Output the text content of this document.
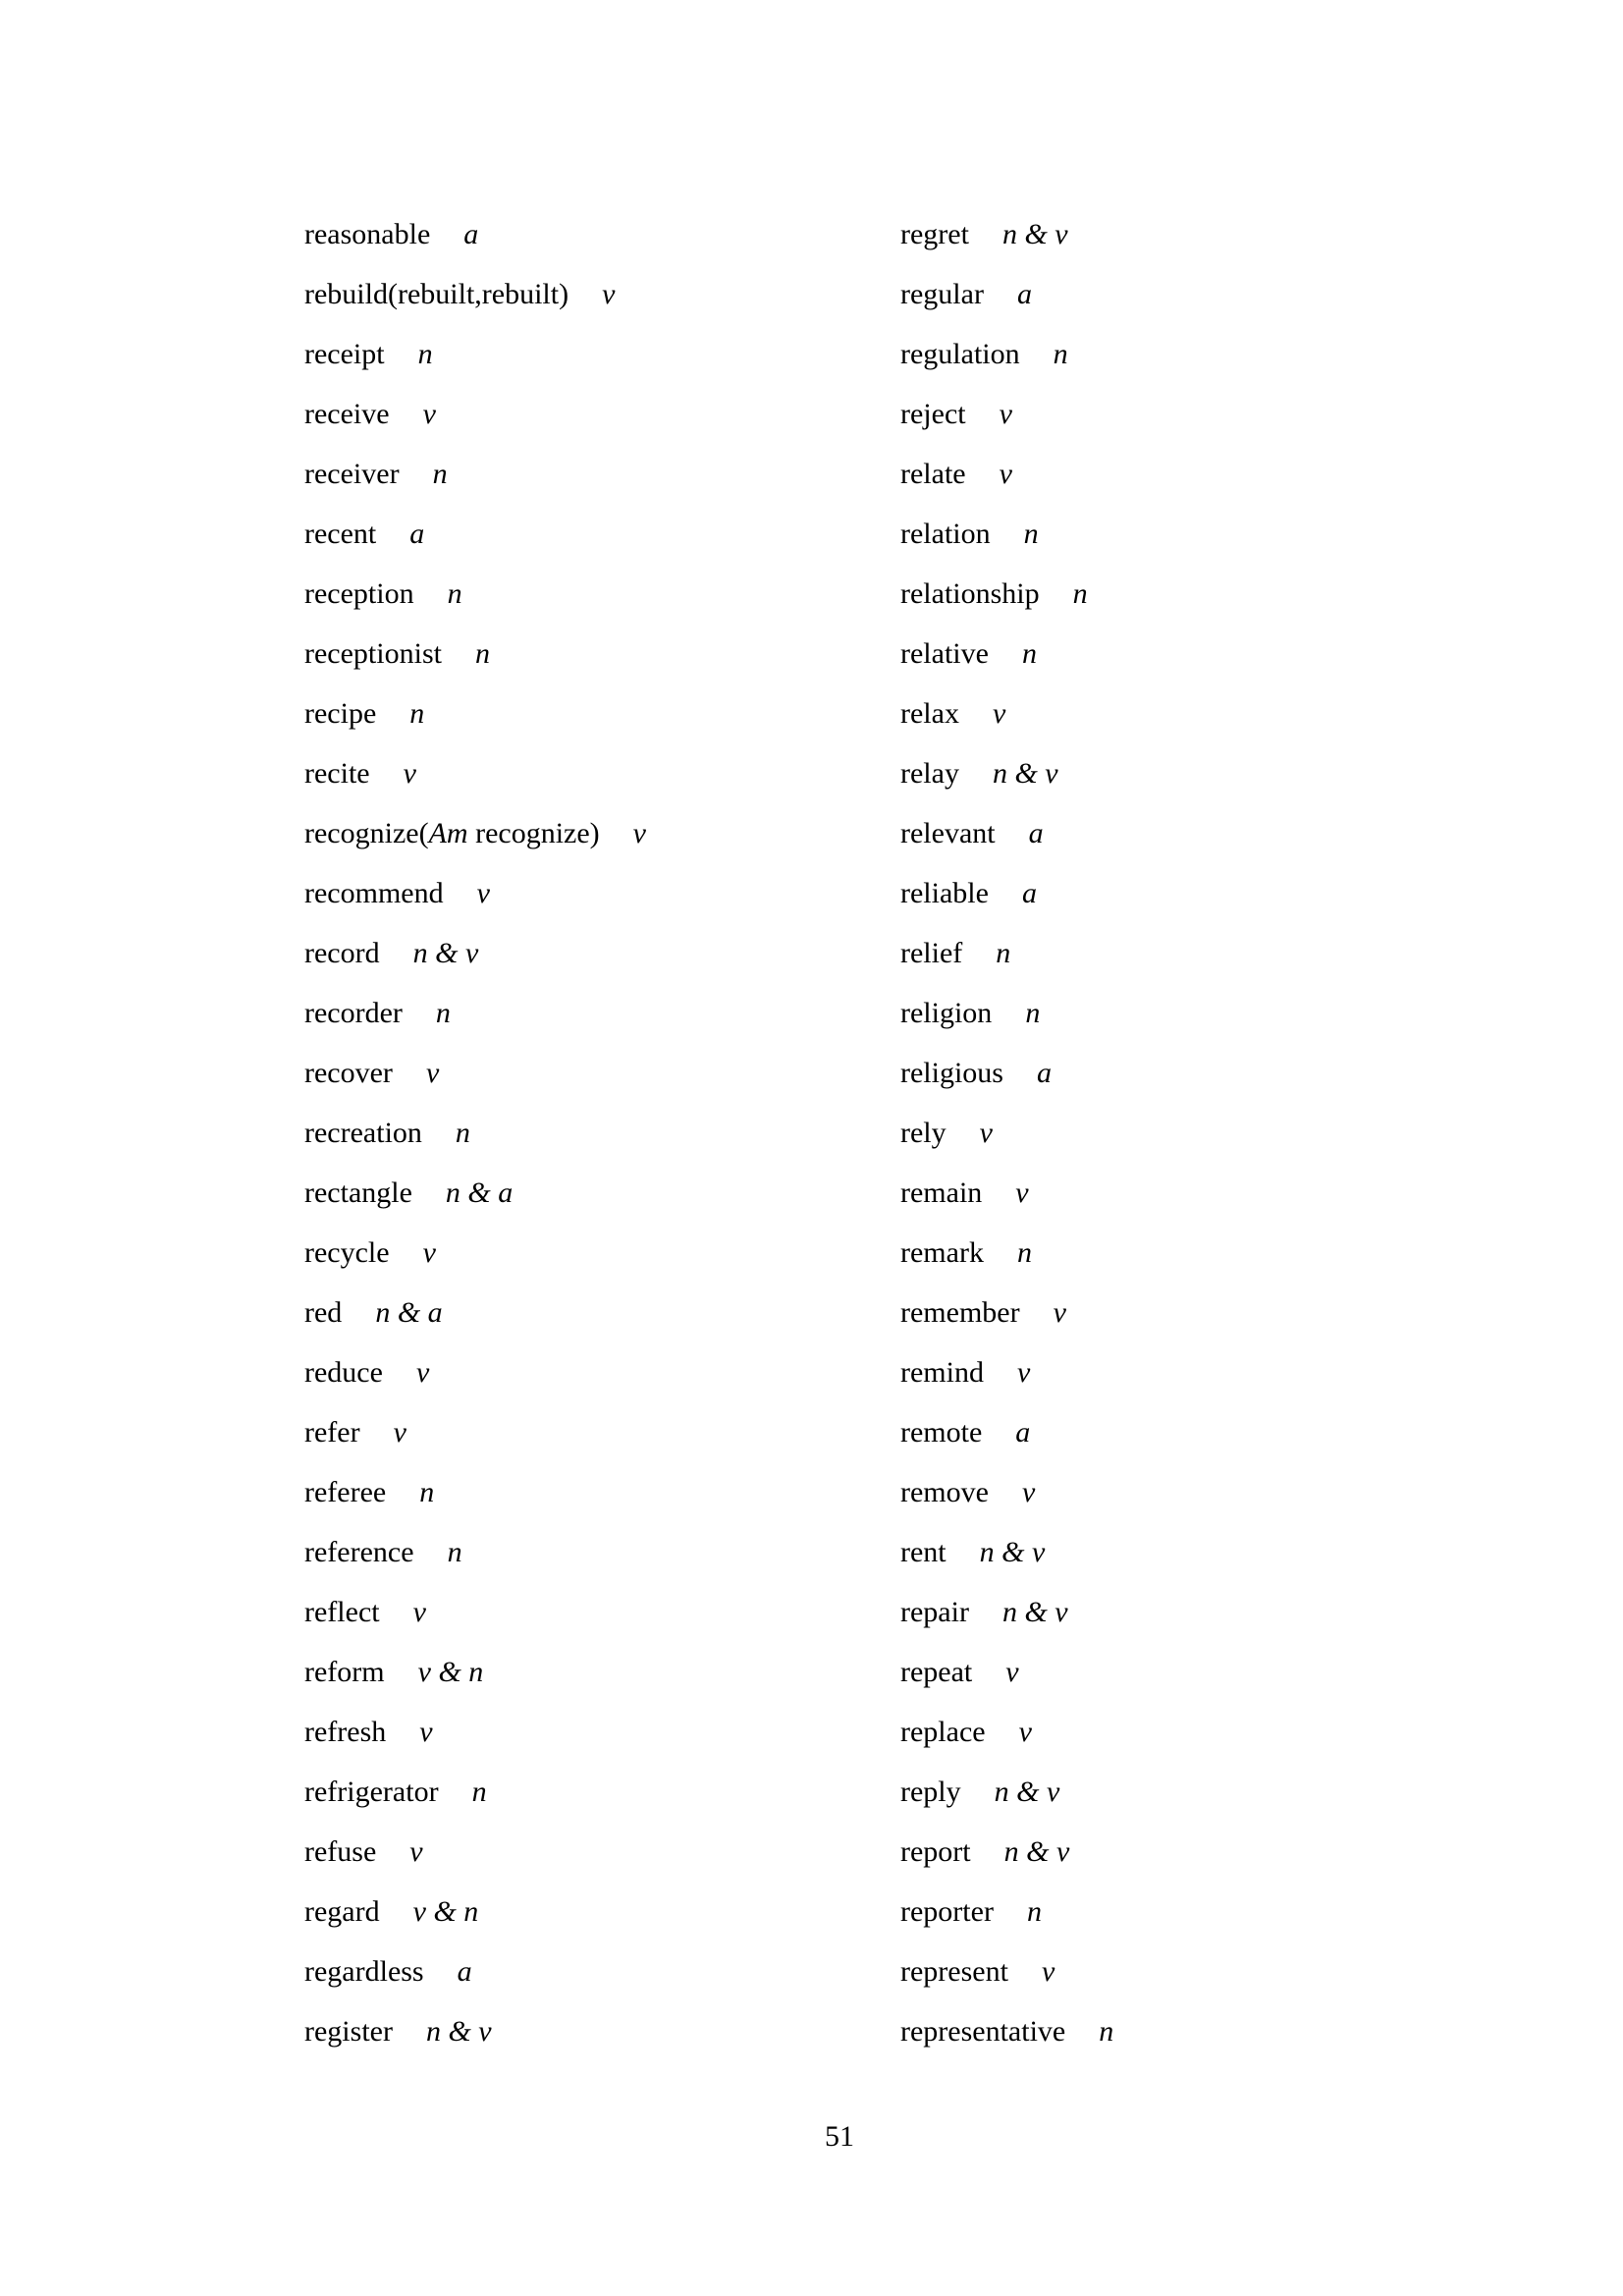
reasonable a
rebuild(rebuilt,rebuilt) v
receipt n
receive v
receiver n
recent a
reception n
receptionist n
recipe n
recite v
recognize(Am recognize) v
recommend v
record n & v
recorder n
recover v
recreation n
rectangle n & a
recycle v
red n & a
reduce v
refer v
referee n
reference n
reflect v
reform v & n
refresh v
refrigerator n
refuse v
regard v & n
regardless a
register n & v
regret n & v
regular a
regulation n
reject v
relate v
relation n
relationship n
relative n
relax v
relay n & v
relevant a
reliable a
relief n
religion n
religious a
rely v
remain v
remark n
remember v
remind v
remote a
remove v
rent n & v
repair n & v
repeat v
replace v
reply n & v
report n & v
reporter n
represent v
representative n
51
